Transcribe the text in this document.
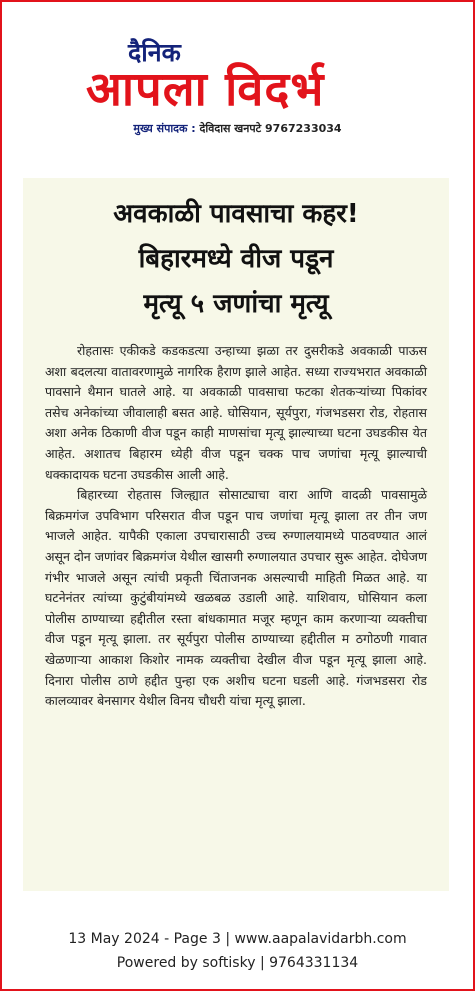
दैनिक
आपला विदर्भ
मुख्य संपादक : देविदास खनपटे 9767233034
अवकाळी पावसाचा कहर!
बिहारमध्ये वीज पडून
मृत्यू ५ जणांचा मृत्यू

रोहतासः एकीकडे कडकडत्या उन्हाच्या झळा तर दुसरीकडे अवकाळी पाऊस अशा बदलत्या वातावरणामुळे नागरिक हैराण झाले आहेत. सध्या राज्यभरात अवकाळी पावसाने थैमान घातले आहे. या अवकाळी पावसाचा फटका शेतकऱ्यांच्या पिकांवर तसेच अनेकांच्या जीवालाही बसत आहे. घोसियान, सूर्यपुरा, गंजभडसरा रोड, रोहतास अशा अनेक ठिकाणी वीज पडून काही माणसांचा मृत्यू झाल्याच्या घटना उघडकीस येत आहेत. अशातच बिहारम ध्येही वीज पडून चक्क पाच जणांचा मृत्यू झाल्याची धक्कादायक घटना उघडकीस आली आहे.

बिहारच्या रोहतास जिल्ह्यात सोसाट्याचा वारा आणि वादळी पावसामुळे बिक्रमगंज उपविभाग परिसरात वीज पडून पाच जणांचा मृत्यू झाला तर तीन जण भाजले आहेत. यापैकी एकाला उपचारासाठी उच्च रुग्णालयामध्ये पाठवण्यात आलं असून दोन जणांवर बिक्रमगंज येथील खासगी रुग्णालयात उपचार सुरू आहेत. दोघेजण गंभीर भाजले असून त्यांची प्रकृती चिंताजनक असल्याची माहिती मिळत आहे. या घटनेनंतर त्यांच्या कुटुंबीयांमध्ये खळबळ उडाली आहे. याशिवाय, घोसियान कला पोलीस ठाण्याच्या हद्दीतील रस्ता बांधकामात मजूर म्हणून काम करणाऱ्या व्यक्तीचा वीज पडून मृत्यू झाला. तर सूर्यपुरा पोलीस ठाण्याच्या हद्दीतील म ठगोठणी गावात खेळणाऱ्या आकाश किशोर नामक व्यक्तीचा देखील वीज पडून मृत्यू झाला आहे. दिनारा पोलीस ठाणे हद्दीत पुन्हा एक अशीच घटना घडली आहे. गंजभडसरा रोड कालव्यावर बेनसागर येथील विनय चौधरी यांचा मृत्यू झाला.

13 May 2024 - Page 3 | www.aapalavidarbh.com
Powered by softisky | 9764331134
